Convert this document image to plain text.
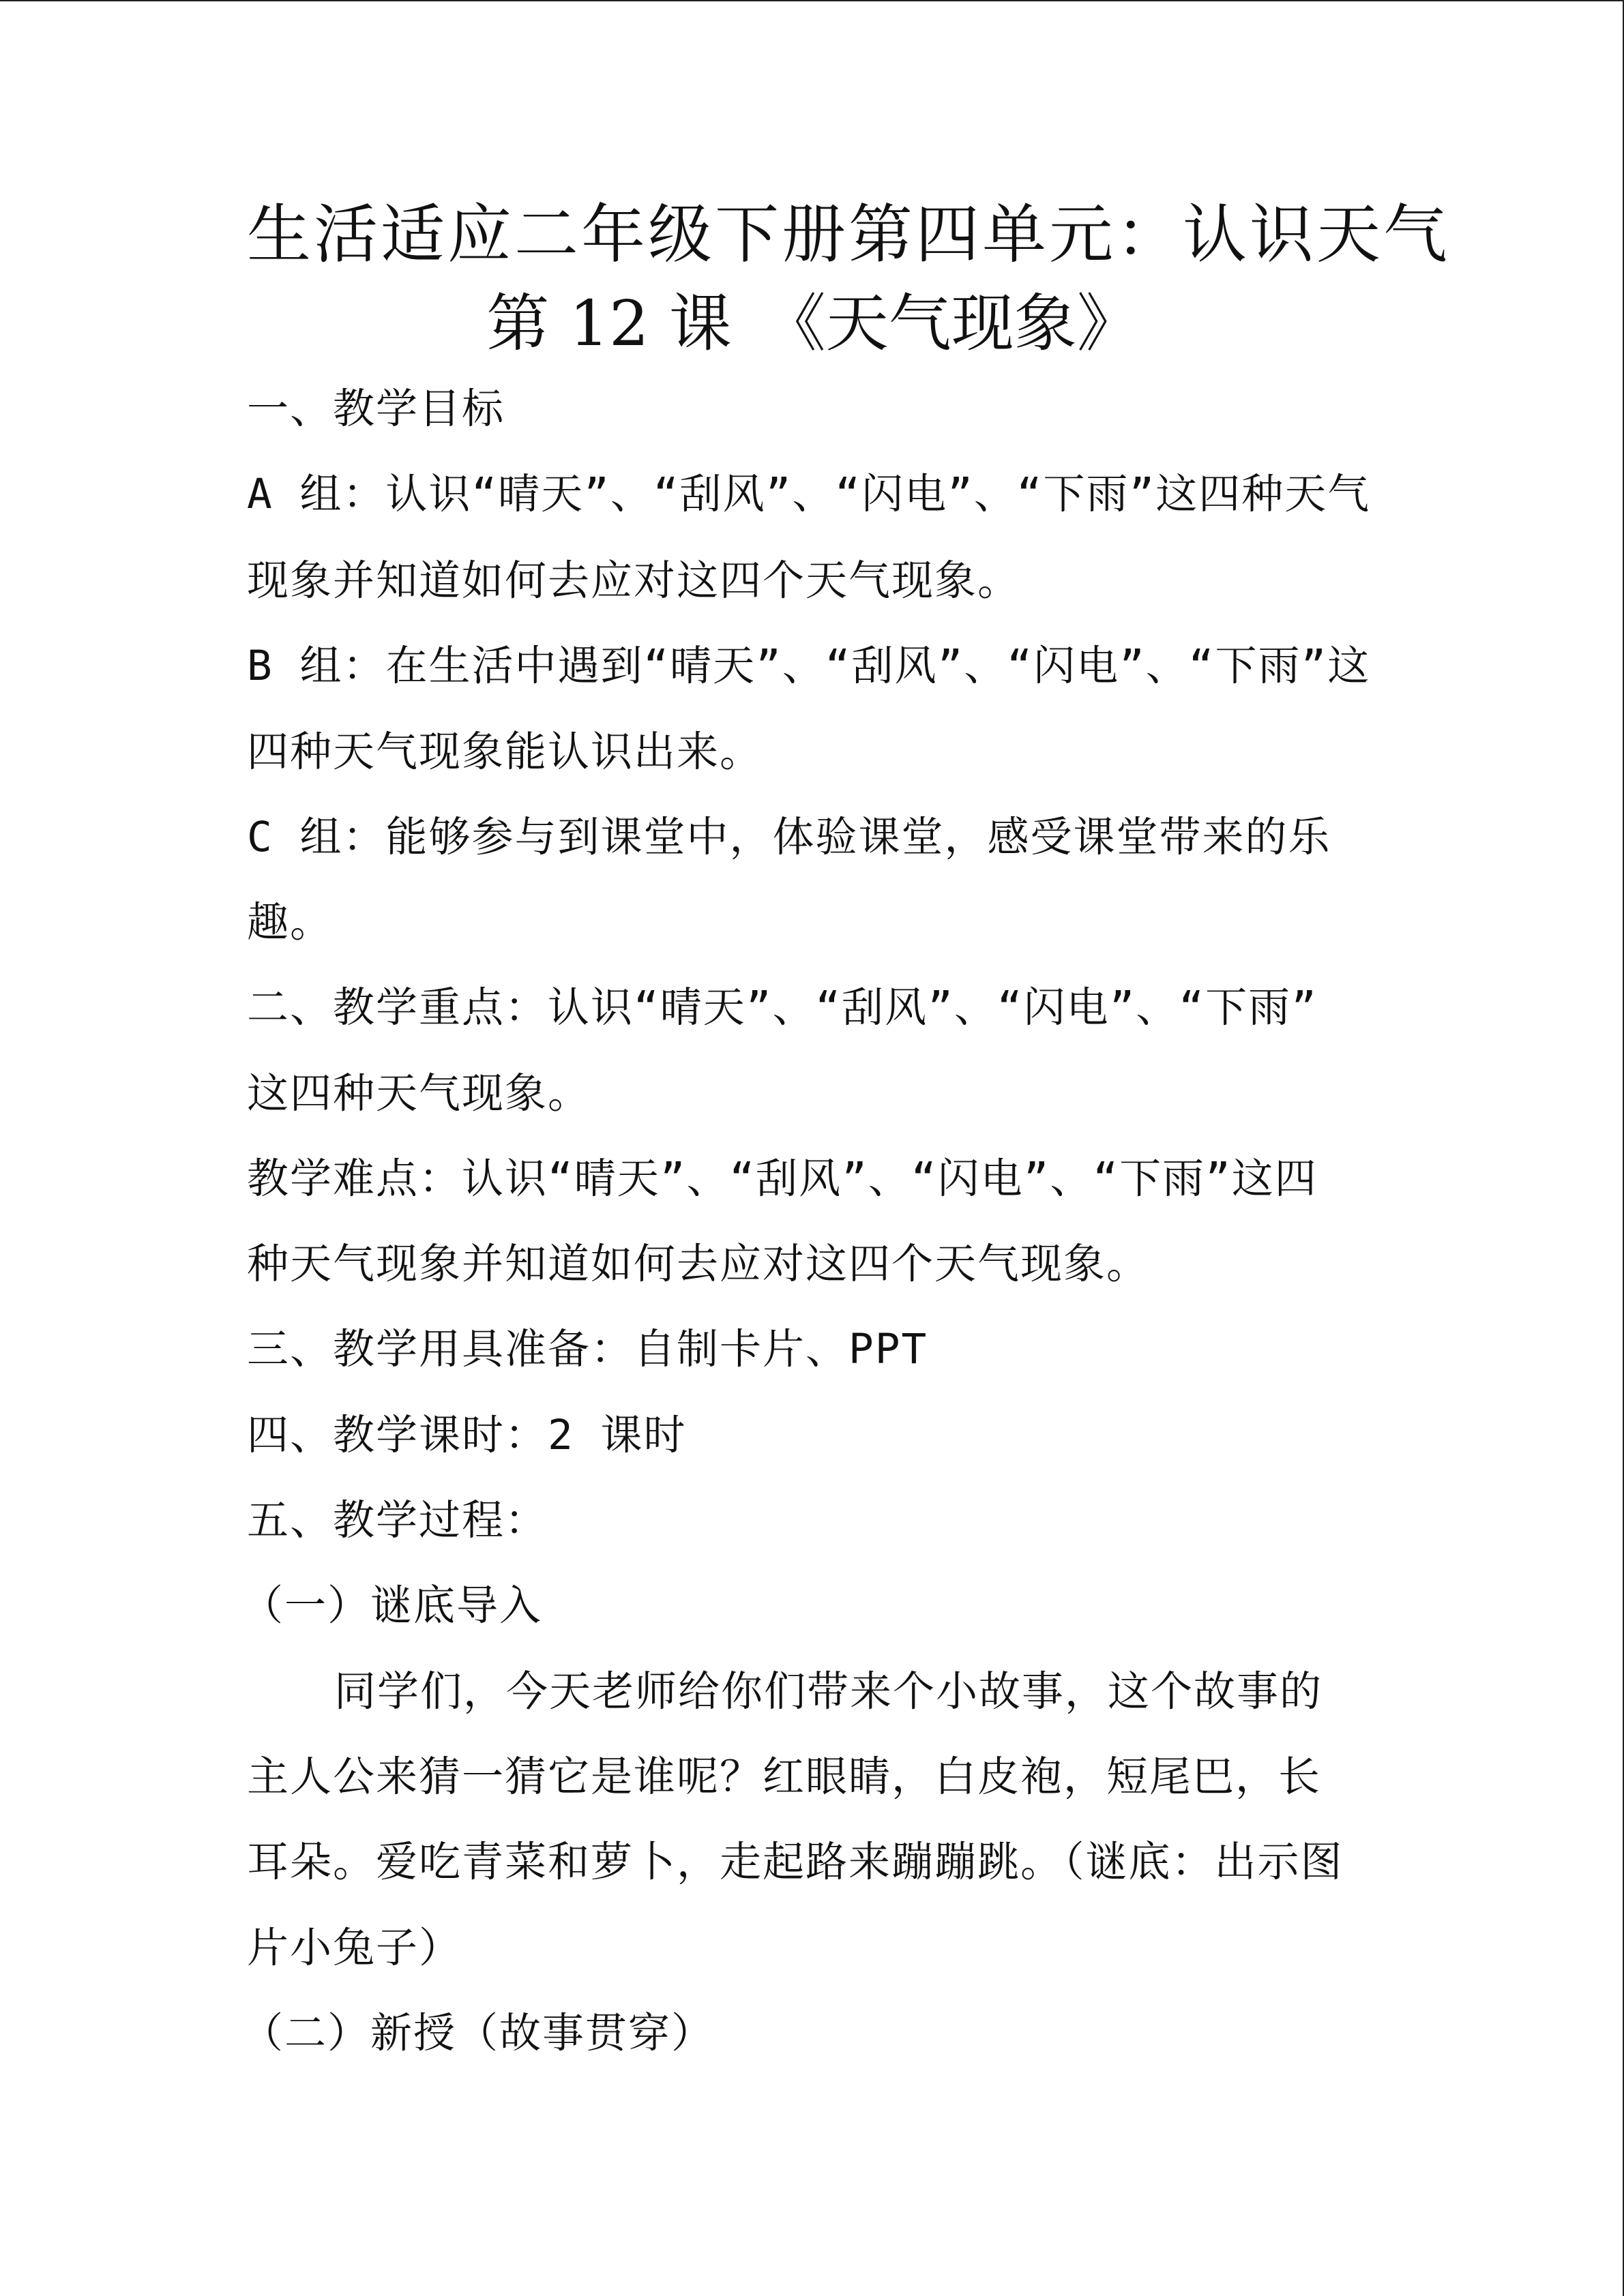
生活适应二年级下册第四单元：认识天气
第 12 课　《天气现象》
一、教学目标
A 组：认识“晴天”、“刮风”、“闪电”、“下雨”这四种天气
现象并知道如何去应对这四个天气现象。
B 组：在生活中遇到“晴天”、“刮风”、“闪电”、“下雨”这
四种天气现象能认识出来。
C 组：能够参与到课堂中，体验课堂，感受课堂带来的乐
趣。
二、教学重点：认识“晴天”、“刮风”、“闪电”、“下雨”
这四种天气现象。
教学难点：认识“晴天”、“刮风”、“闪电”、“下雨”这四
种天气现象并知道如何去应对这四个天气现象。
三、教学用具准备：自制卡片、PPT
四、教学课时：2 课时
五、教学过程：
（一）谜底导入
同学们，今天老师给你们带来个小故事，这个故事的
主人公来猜一猜它是谁呢？红眼睛，白皮袍，短尾巴，长
耳朵。爱吃青菜和萝卜，走起路来蹦蹦跳。（谜底：出示图
片小兔子）
（二）新授（故事贯穿）
